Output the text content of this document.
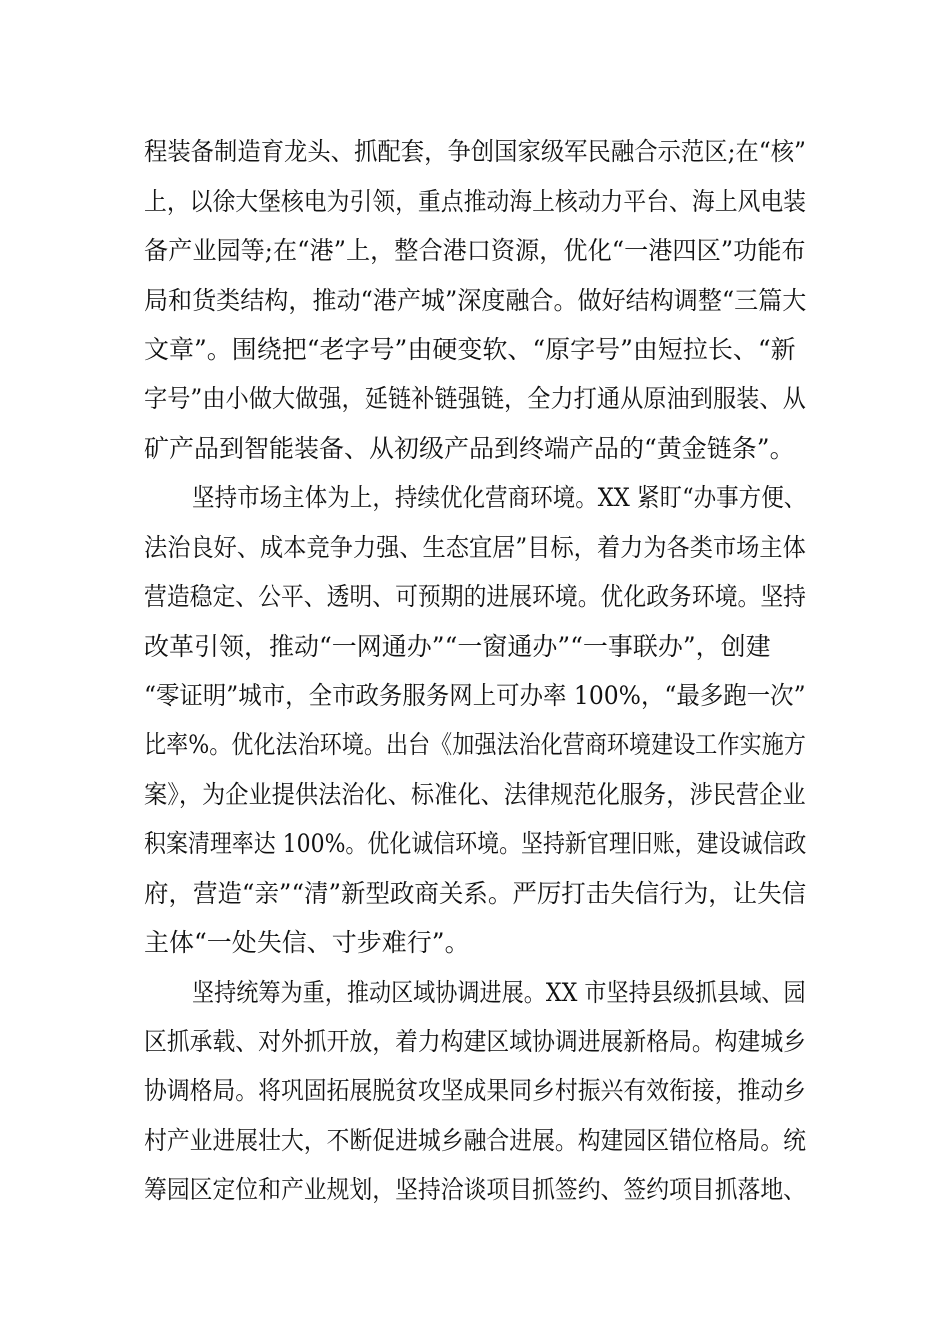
程装备制造育龙头、抓配套，争创国家级军民融合示范区;在“核”
上，以徐大堡核电为引领，重点推动海上核动力平台、海上风电装
备产业园等;在“港”上，整合港口资源，优化“一港四区”功能布
局和货类结构，推动“港产城”深度融合。做好结构调整“三篇大
文章”。围绕把“老字号”由硬变软、“原字号”由短拉长、“新
字号”由小做大做强，延链补链强链，全力打通从原油到服装、从
矿产品到智能装备、从初级产品到终端产品的“黄金链条”。
坚持市场主体为上，持续优化营商环境。XX 紧盯“办事方便、
法治良好、成本竞争力强、生态宜居”目标，着力为各类市场主体
营造稳定、公平、透明、可预期的进展环境。优化政务环境。坚持
改革引领，推动“一网通办”“一窗通办”“一事联办”，创建
“零证明”城市，全市政务服务网上可办率 100%，“最多跑一次”
比率%。优化法治环境。出台《加强法治化营商环境建设工作实施方
案》，为企业提供法治化、标准化、法律规范化服务，涉民营企业
积案清理率达 100%。优化诚信环境。坚持新官理旧账，建设诚信政
府，营造“亲”“清”新型政商关系。严厉打击失信行为，让失信
主体“一处失信、寸步难行”。
坚持统筹为重，推动区域协调进展。XX 市坚持县级抓县域、园
区抓承载、对外抓开放，着力构建区域协调进展新格局。构建城乡
协调格局。将巩固拓展脱贫攻坚成果同乡村振兴有效衔接，推动乡
村产业进展壮大，不断促进城乡融合进展。构建园区错位格局。统
筹园区定位和产业规划，坚持洽谈项目抓签约、签约项目抓落地、
